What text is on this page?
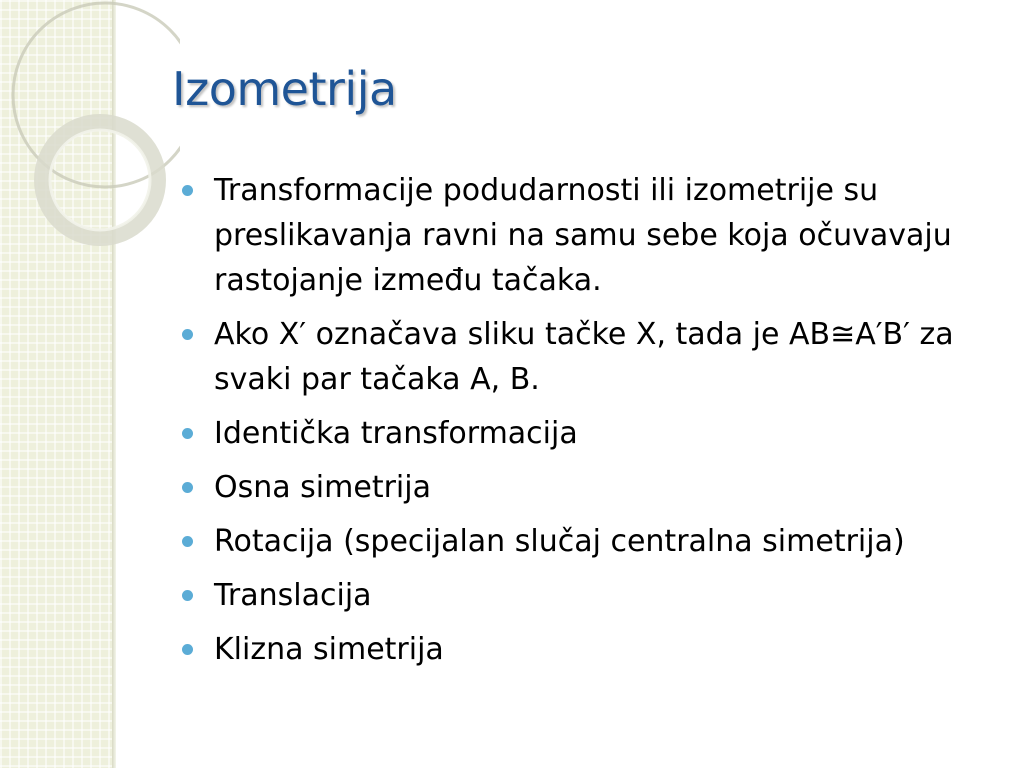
Izometrija
Transformacije podudarnosti ili izometrije su preslikavanja ravni na samu sebe koja očuvavaju rastojanje između tačaka.
Ako X′ označava sliku tačke X, tada je AB≅A′B′ za svaki par tačaka A, B.
Identička transformacija
Osna simetrija
Rotacija (specijalan slučaj centralna simetrija)
Translacija
Klizna simetrija
